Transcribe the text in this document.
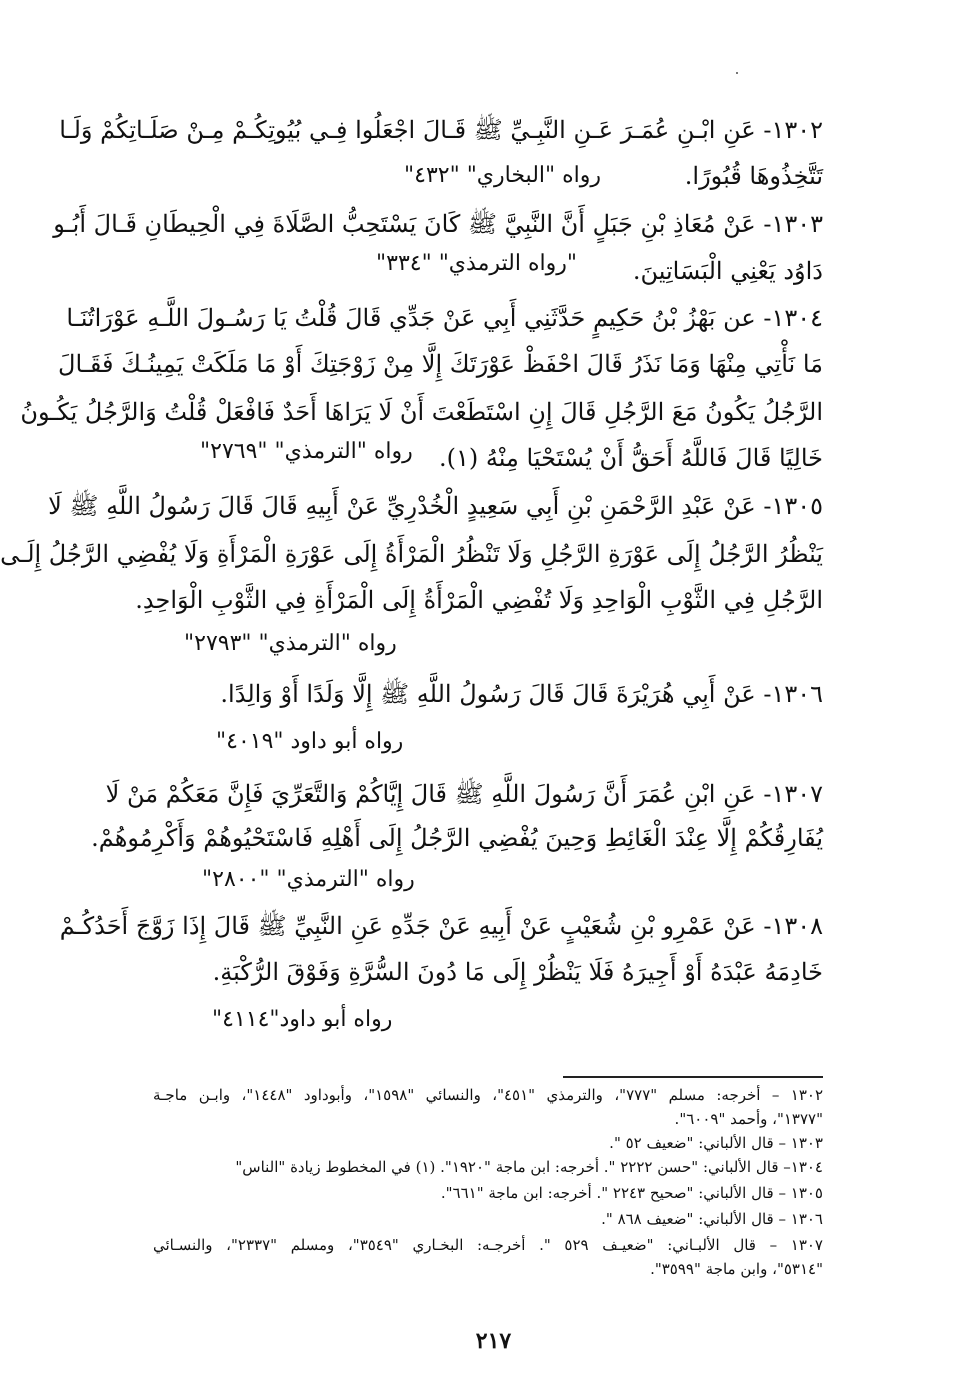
١٣٠٢- عَنِ ابْـنِ عُمَـرَ عَـنِ النَّبِـيِّ ﷺ قَـالَ اجْعَلُوا فِـي بُيُوتِكُـمْ مِـنْ صَلَـاتِكُمْ وَلَـا
تَتَّخِذُوهَا قُبُورًا.
رواه "البخاري" "٤٣٢"
١٣٠٣- عَنْ مُعَاذِ بْنِ جَبَلٍ أَنَّ النَّبِيَّ ﷺ كَانَ يَسْتَحِبُّ الصَّلَاةَ فِي الْحِيطَانِ قَـالَ أَبُـو
دَاوُد يَعْنِي الْبَسَاتِينَ.
"رواه الترمذي" "٣٣٤"
١٣٠٤- عن بَهْزُ بْنُ حَكِيمٍ حَدَّثَنِي أَبِي عَنْ جَدِّي قَالَ قُلْتُ يَا رَسُـولَ اللَّـهِ عَوْرَاتُنَـا
مَا نَأْتِي مِنْهَا وَمَا نَذَرُ قَالَ احْفَظْ عَوْرَتَكَ إِلَّا مِنْ زَوْجَتِكَ أَوْ مَا مَلَكَتْ يَمِينُـكَ فَقَـالَ
الرَّجُلُ يَكُونُ مَعَ الرَّجُلِ قَالَ إِنِ اسْتَطَعْتَ أَنْ لَا يَرَاهَا أَحَدٌ فَافْعَلْ قُلْتُ وَالرَّجُلُ يَكُـونُ
خَالِيًا قَالَ فَاللَّهُ أَحَقُّ أَنْ يُسْتَحْيَا مِنْهُ (١).
رواه "الترمذي" "٢٧٦٩"
١٣٠٥- عَنْ عَبْدِ الرَّحْمَنِ بْنِ أَبِي سَعِيدٍ الْخُدْرِيِّ عَنْ أَبِيهِ قَالَ قَالَ رَسُولُ اللَّهِ ﷺ لَا
يَنْظُرُ الرَّجُلُ إِلَى عَوْرَةِ الرَّجُلِ وَلَا تَنْظُرُ الْمَرْأَةُ إِلَى عَوْرَةِ الْمَرْأَةِ وَلَا يُفْضِي الرَّجُلُ إِلَـى
الرَّجُلِ فِي الثَّوْبِ الْوَاحِدِ وَلَا تُفْضِي الْمَرْأَةُ إِلَى الْمَرْأَةِ فِي الثَّوْبِ الْوَاحِدِ.
رواه "الترمذي" "٢٧٩٣"
١٣٠٦- عَنْ أَبِي هُرَيْرَةَ قَالَ قَالَ رَسُولُ اللَّهِ ﷺ إِلَّا وَلَدًا أَوْ وَالِدًا.
رواه أبو داود "٤٠١٩"
١٣٠٧- عَنِ ابْنِ عُمَرَ أَنَّ رَسُولَ اللَّهِ ﷺ قَالَ إِيَّاكُمْ وَالتَّعَرِّيَ فَإِنَّ مَعَكُمْ مَنْ لَا
يُفَارِقُكُمْ إِلَّا عِنْدَ الْغَائِطِ وَحِينَ يُفْضِي الرَّجُلُ إِلَى أَهْلِهِ فَاسْتَحْيُوهُمْ وَأَكْرِمُوهُمْ.
رواه "الترمذي" "٢٨٠٠"
١٣٠٨- عَنْ عَمْرِو بْنِ شُعَيْبٍ عَنْ أَبِيهِ عَنْ جَدِّهِ عَنِ النَّبِيِّ ﷺ قَالَ إِذَا زَوَّجَ أَحَدُكُـمْ
خَادِمَهُ عَبْدَهُ أَوْ أَجِيرَهُ فَلَا يَنْظُرْ إِلَى مَا دُونَ السُّرَّةِ وَفَوْقَ الرُّكْبَةِ.
رواه أبو داود"٤١١٤"
١٣٠٢ – أخرجه: مسلم "٧٧٧"، والترمذي "٤٥١"، والنسائي "١٥٩٨"، وأبوداود "١٤٤٨"، وابـن ماجـة
"١٣٧٧"، وأحمد "٦٠٠٩".
١٣٠٣ – قال الألباني: "ضعيف ٥٢ ".
١٣٠٤– قال الألباني: "حسن ٢٢٢٢ ". أخرجه: ابن ماجة "١٩٢٠". (١) في المخطوط زيادة "الناس"
١٣٠٥ – قال الألباني: "صحيح ٢٢٤٣ ". أخرجه: ابن ماجة "٦٦١".
١٣٠٦ – قال الألباني: "ضعيف ٨٦٨ ".
١٣٠٧ – قال الألبـاني: "ضعيـف ٥٢٩ ". أخرجـه: البخـاري "٣٥٤٩"، ومسلم "٢٣٣٧"، والنسـائي
"٥٣١٤"، وابن ماجة "٣٥٩٩".
٢١٧
